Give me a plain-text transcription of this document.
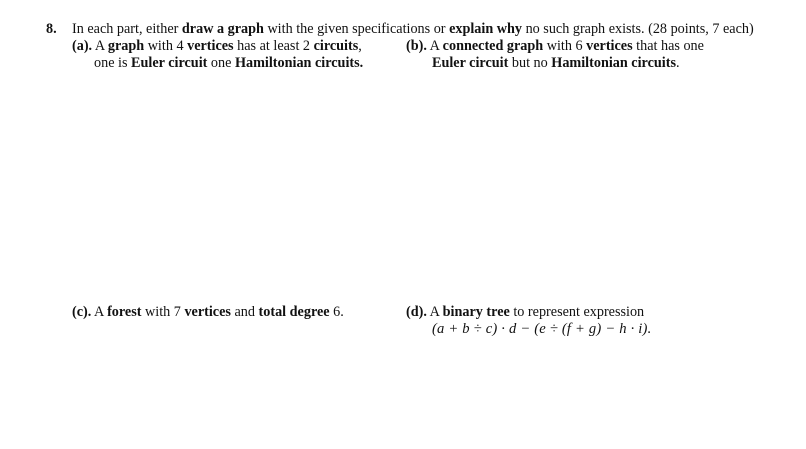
8. In each part, either draw a graph with the given specifications or explain why no such graph exists. (28 points, 7 each)
(a). A graph with 4 vertices has at least 2 circuits,
one is Euler circuit one Hamiltonian circuits.
(b). A connected graph with 6 vertices that has one
Euler circuit but no Hamiltonian circuits.
(c). A forest with 7 vertices and total degree 6.	(d). A binary tree to represent expression
(a + b ÷ c) · d − (e ÷ (f + g) − h · i).
